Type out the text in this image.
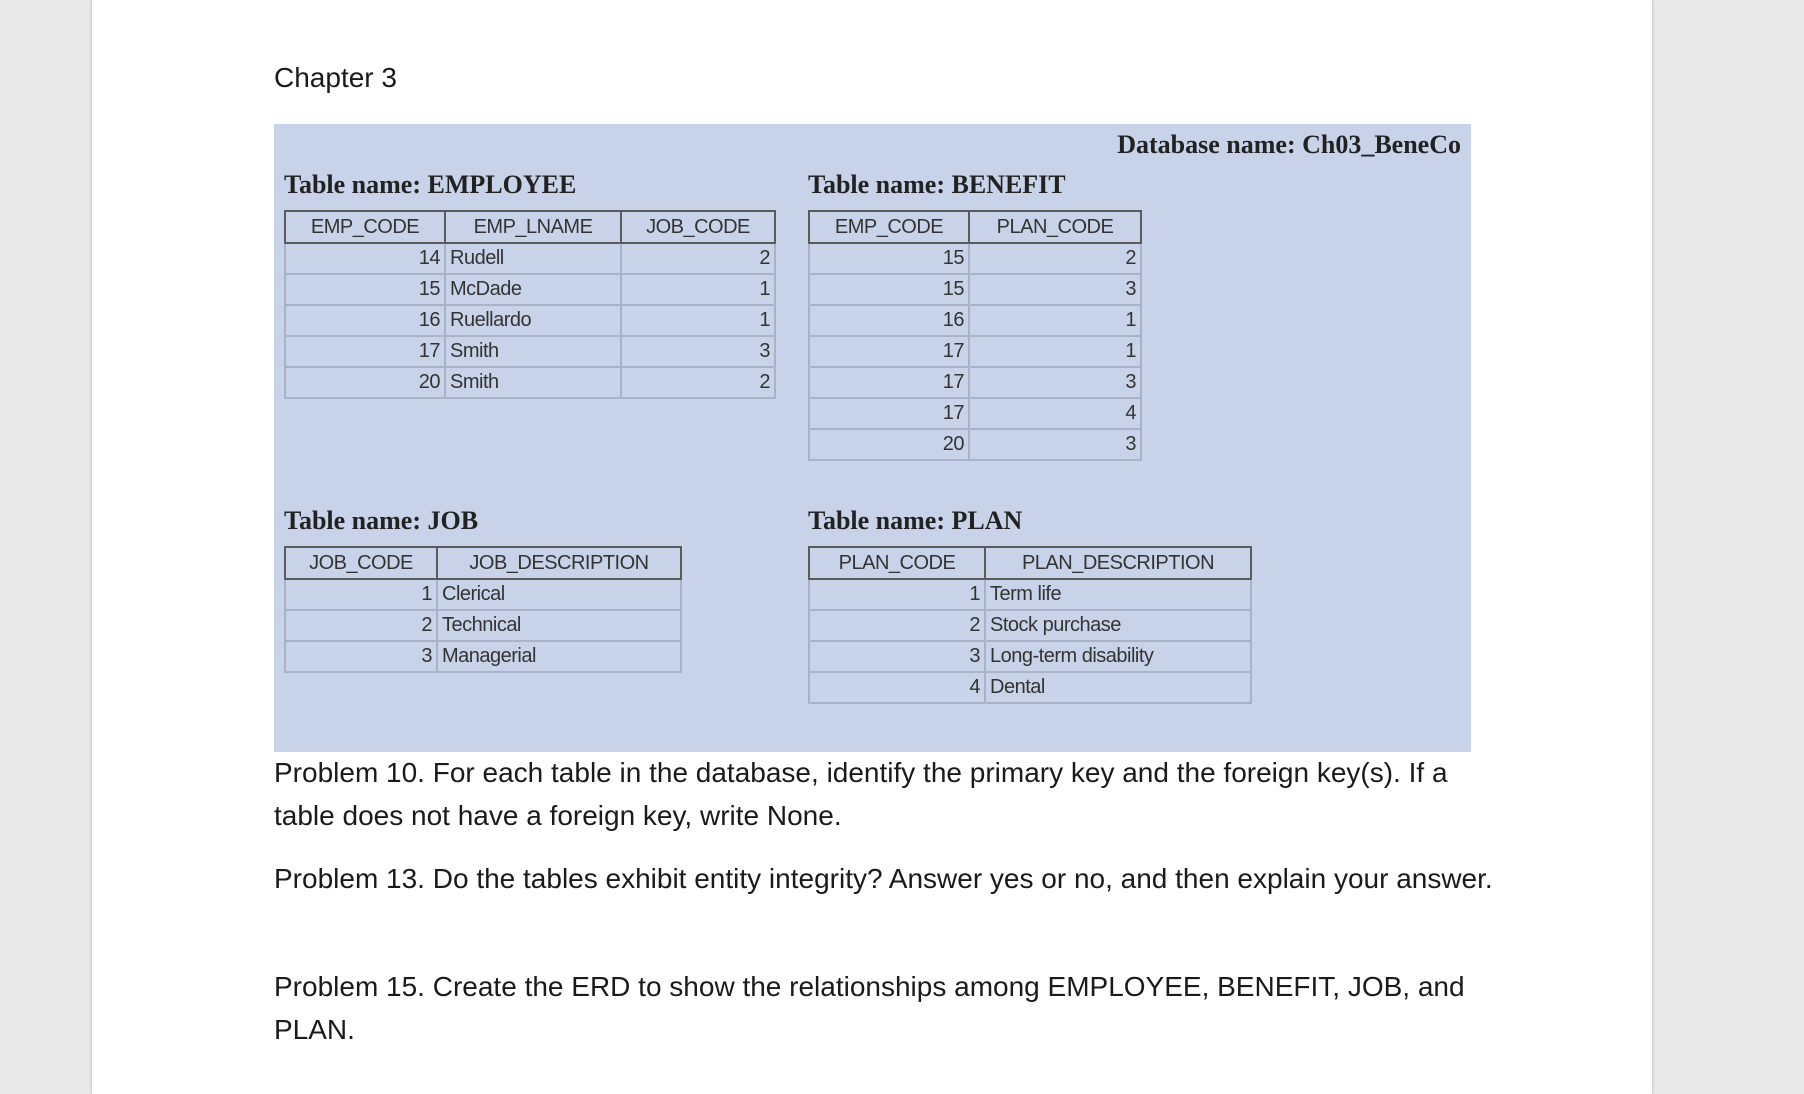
Chapter 3
Database name: Ch03_BeneCo
Table name: EMPLOYEE
EMP_CODE	EMP_LNAME	JOB_CODE
14	Rudell	2
15	McDade	1
16	Ruellardo	1
17	Smith	3
20	Smith	2
Table name: BENEFIT
EMP_CODE	PLAN_CODE
15	2
15	3
16	1
17	1
17	3
17	4
20	3
Table name: JOB
JOB_CODE	JOB_DESCRIPTION
1	Clerical
2	Technical
3	Managerial
Table name: PLAN
PLAN_CODE	PLAN_DESCRIPTION
1	Term life
2	Stock purchase
3	Long-term disability
4	Dental
Problem 10. For each table in the database, identify the primary key and the foreign key(s). If a table does not have a foreign key, write None.
Problem 13. Do the tables exhibit entity integrity? Answer yes or no, and then explain your answer.
Problem 15. Create the ERD to show the relationships among EMPLOYEE, BENEFIT, JOB, and PLAN.
